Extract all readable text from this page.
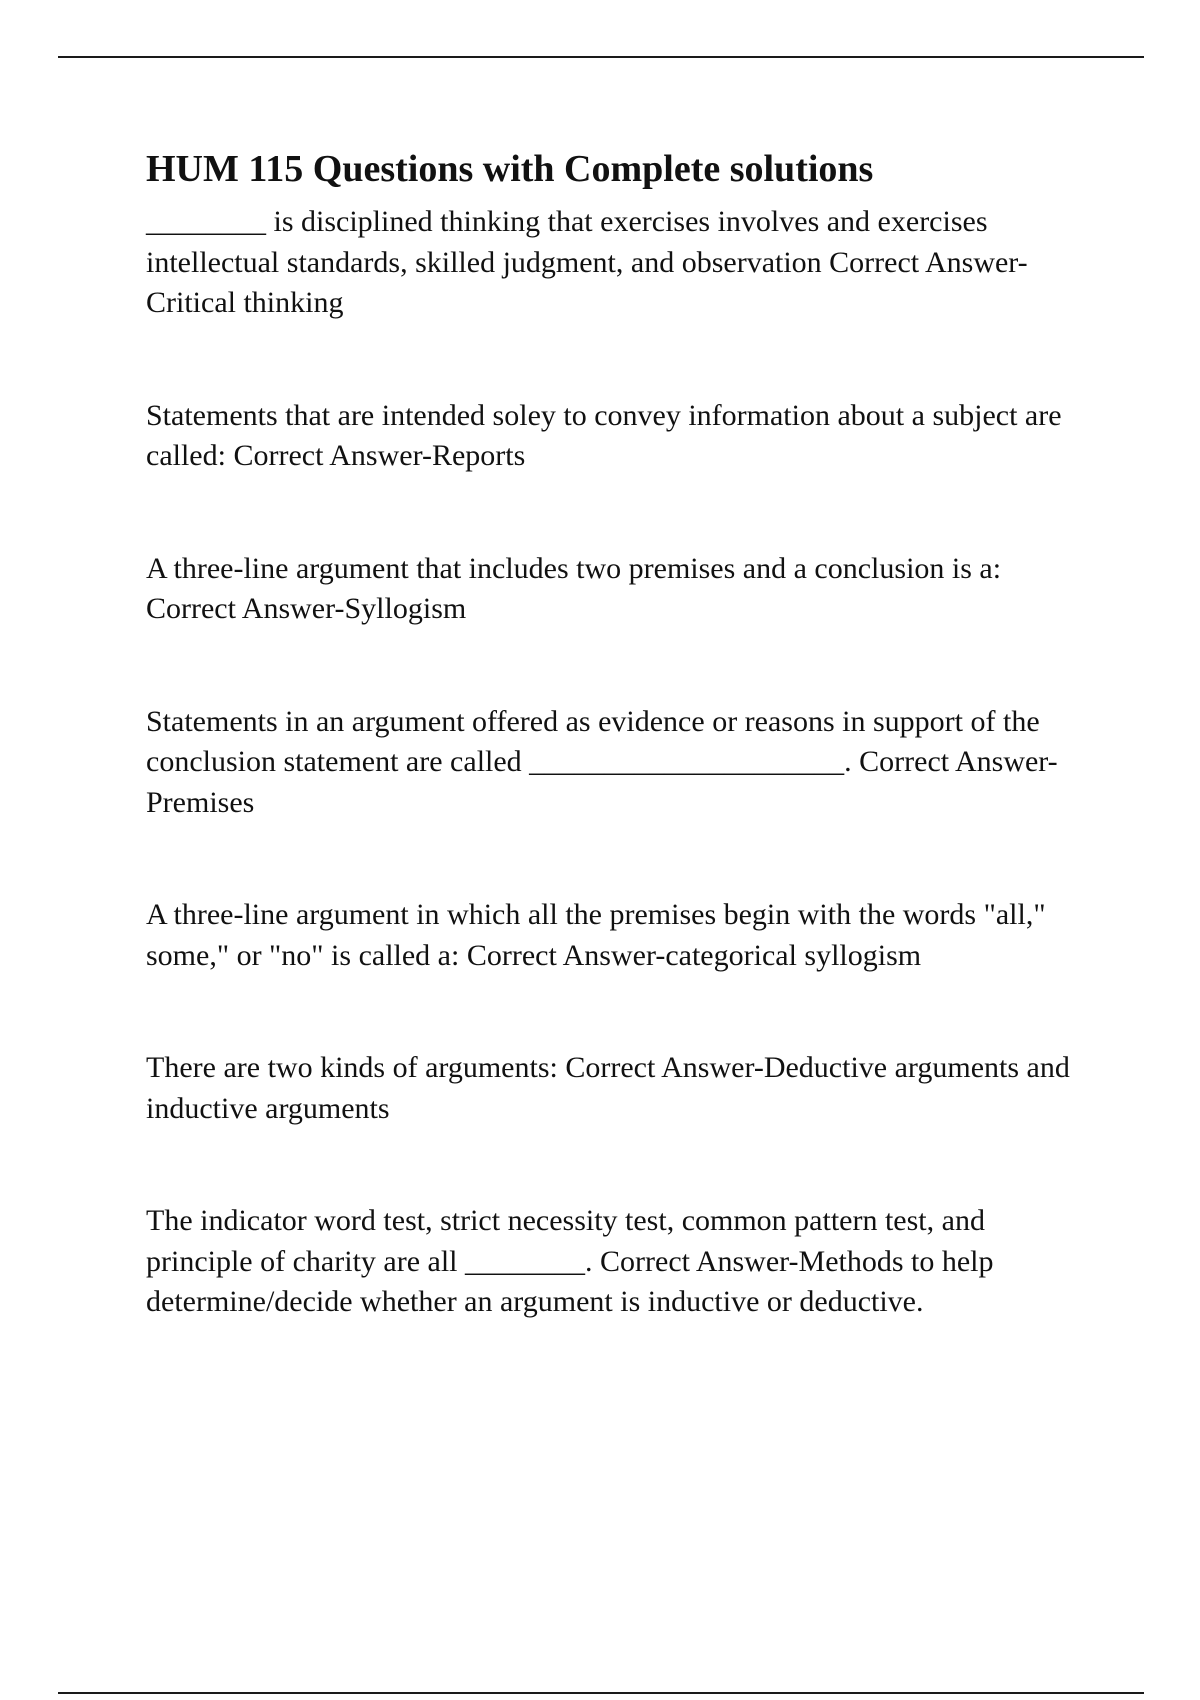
HUM 115 Questions with Complete solutions

________ is disciplined thinking that exercises involves and exercises intellectual standards, skilled judgment, and observation Correct Answer-Critical thinking

Statements that are intended soley to convey information about a subject are called: Correct Answer-Reports

A three-line argument that includes two premises and a conclusion is a: Correct Answer-Syllogism

Statements in an argument offered as evidence or reasons in support of the conclusion statement are called _____________________. Correct Answer-Premises

A three-line argument in which all the premises begin with the words "all," some," or "no" is called a: Correct Answer-categorical syllogism

There are two kinds of arguments: Correct Answer-Deductive arguments and inductive arguments

The indicator word test, strict necessity test, common pattern test, and principle of charity are all ________. Correct Answer-Methods to help determine/decide whether an argument is inductive or deductive.
